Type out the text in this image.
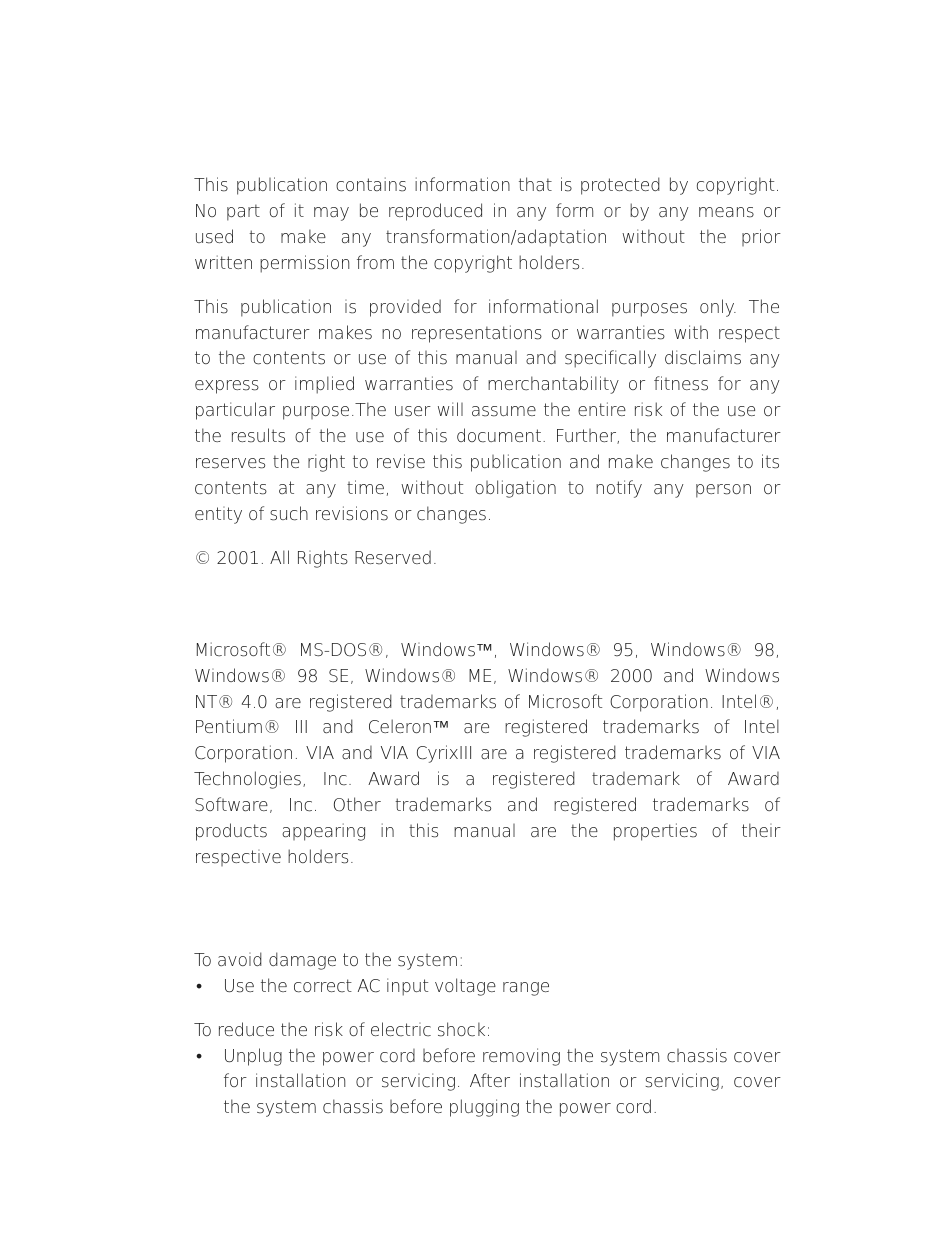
This publication contains information that is protected by copyright. No part of it may be reproduced in any form or by any means or used to make any transformation/adaptation without the prior written permission from the copyright holders.

This publication is provided for informational purposes only. The manufacturer makes no representations or warranties with respect to the contents or use of this manual and specifically disclaims any express or implied warranties of merchantability or fitness for any particular purpose.The user will assume the entire risk of the use or the results of the use of this document. Further, the manufacturer reserves the right to revise this publication and make changes to its contents at any time, without obligation to notify any person or entity of such revisions or changes.

© 2001. All Rights Reserved.

Microsoft® MS-DOS®, Windows™, Windows® 95, Windows® 98, Windows® 98 SE, Windows® ME, Windows® 2000 and Windows NT® 4.0 are registered trademarks of Microsoft Corporation. Intel®, Pentium® III and Celeron™ are registered trademarks of Intel Corporation. VIA and VIA CyrixIII are a registered trademarks of VIA Technologies, Inc. Award is a registered trademark of Award Software, Inc. Other trademarks and registered trademarks of products appearing in this manual are the properties of their respective holders.

To avoid damage to the system:

• Use the correct AC input voltage range

To reduce the risk of electric shock:

• Unplug the power cord before removing the system chassis cover for installation or servicing. After installation or servicing, cover the system chassis before plugging the power cord.
